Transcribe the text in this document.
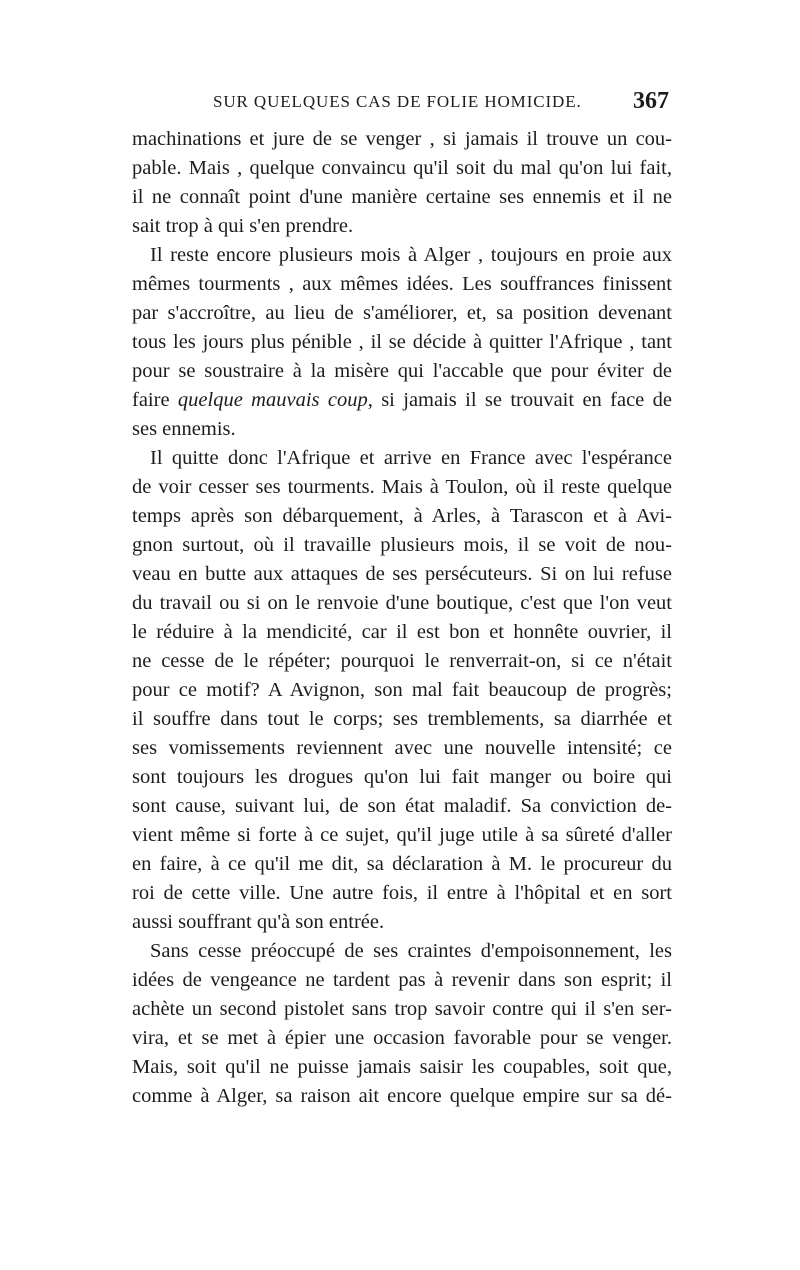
SUR QUELQUES CAS DE FOLIE HOMICIDE. 367
machinations et jure de se venger , si jamais il trouve un cou-
pable. Mais , quelque convaincu qu'il soit du mal qu'on lui fait,
il ne connaît point d'une manière certaine ses ennemis et il ne
sait trop à qui s'en prendre.
Il reste encore plusieurs mois à Alger , toujours en proie aux
mêmes tourments , aux mêmes idées. Les souffrances finissent
par s'accroître, au lieu de s'améliorer, et, sa position devenant
tous les jours plus pénible , il se décide à quitter l'Afrique , tant
pour se soustraire à la misère qui l'accable que pour éviter de
faire quelque mauvais coup, si jamais il se trouvait en face de
ses ennemis.
Il quitte donc l'Afrique et arrive en France avec l'espérance
de voir cesser ses tourments. Mais à Toulon, où il reste quelque
temps après son débarquement, à Arles, à Tarascon et à Avi-
gnon surtout, où il travaille plusieurs mois, il se voit de nou-
veau en butte aux attaques de ses persécuteurs. Si on lui refuse
du travail ou si on le renvoie d'une boutique, c'est que l'on veut
le réduire à la mendicité, car il est bon et honnête ouvrier, il
ne cesse de le répéter; pourquoi le renverrait-on, si ce n'était
pour ce motif? A Avignon, son mal fait beaucoup de progrès;
il souffre dans tout le corps; ses tremblements, sa diarrhée et
ses vomissements reviennent avec une nouvelle intensité; ce
sont toujours les drogues qu'on lui fait manger ou boire qui
sont cause, suivant lui, de son état maladif. Sa conviction de-
vient même si forte à ce sujet, qu'il juge utile à sa sûreté d'aller
en faire, à ce qu'il me dit, sa déclaration à M. le procureur du
roi de cette ville. Une autre fois, il entre à l'hôpital et en sort
aussi souffrant qu'à son entrée.
Sans cesse préoccupé de ses craintes d'empoisonnement, les
idées de vengeance ne tardent pas à revenir dans son esprit; il
achète un second pistolet sans trop savoir contre qui il s'en ser-
vira, et se met à épier une occasion favorable pour se venger.
Mais, soit qu'il ne puisse jamais saisir les coupables, soit que,
comme à Alger, sa raison ait encore quelque empire sur sa dé-
